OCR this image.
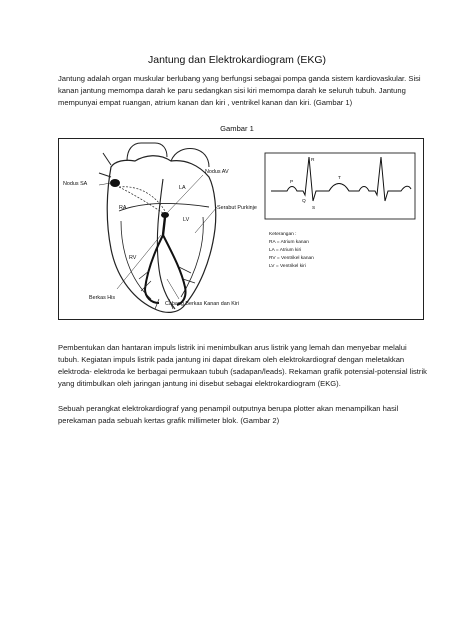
Jantung dan Elektrokardiogram (EKG)

Jantung adalah organ muskular berlubang yang berfungsi sebagai pompa ganda sistem kardiovaskular. Sisi kanan jantung memompa darah ke paru sedangkan sisi kiri memompa darah ke seluruh tubuh. Jantung mempunyai empat ruangan, atrium kanan dan kiri , ventrikel kanan dan kiri. (Gambar 1)

Gambar 1
RA
LA
RV
LV
Nodus SA
Nodus AV
Serabut Purkinje
Berkas His
Cabang Berkas Kanan dan Kiri
P
Q
R
S
T
Keterangan :
RA = Atrium kanan
LA = Atrium kiri
RV = Ventrikel kanan
LV = Ventrikel kiri

Pembentukan dan hantaran impuls listrik ini menimbulkan arus listrik yang lemah dan menyebar melalui tubuh. Kegiatan impuls listrik pada jantung ini dapat direkam oleh elektrokardiograf dengan meletakkan elektroda- elektroda ke berbagai permukaan tubuh (sadapan/leads). Rekaman grafik potensial-potensial listrik yang ditimbulkan oleh jaringan jantung ini disebut sebagai elektrokardiogram (EKG).

Sebuah perangkat elektrokardiograf yang penampil outputnya berupa plotter akan menampilkan hasil perekaman pada sebuah kertas grafik millimeter blok. (Gambar 2)
